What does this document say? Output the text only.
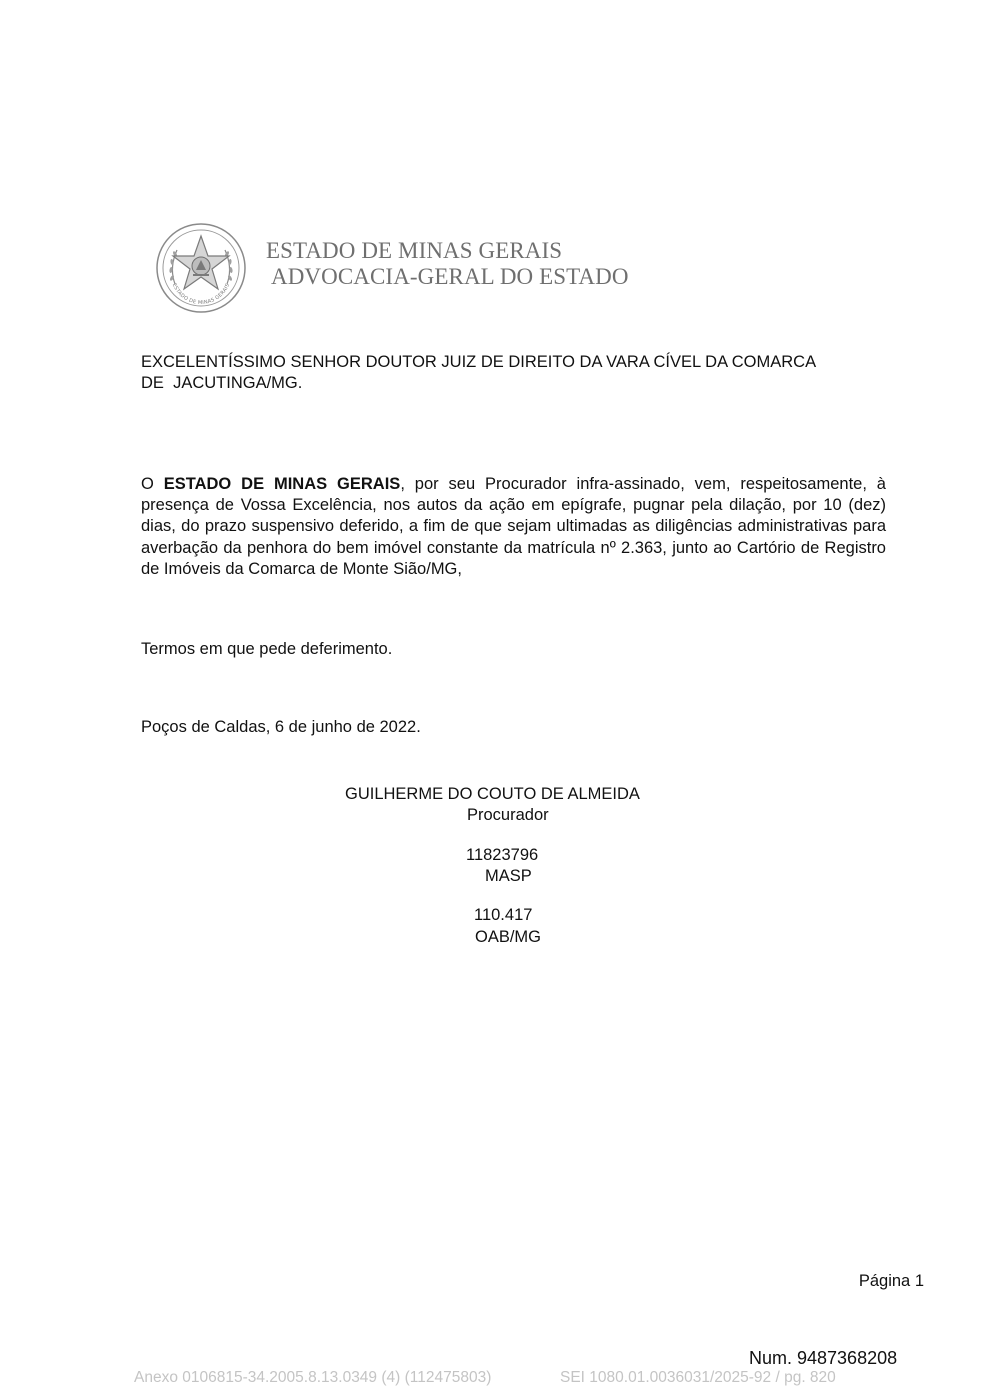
ESTADO DE MINAS GERAIS
ESTADO DE MINAS GERAIS
ADVOCACIA-GERAL DO ESTADO
EXCELENTÍSSIMO SENHOR DOUTOR JUIZ DE DIREITO DA VARA CÍVEL DA COMARCA
DE  JACUTINGA/MG.
O ESTADO DE MINAS GERAIS, por seu Procurador infra-assinado, vem, respeitosamente, à presença de Vossa Excelência, nos autos da ação em epígrafe, pugnar pela dilação, por 10 (dez) dias, do prazo suspensivo deferido, a fim de que sejam ultimadas as diligências administrativas para averbação da penhora do bem imóvel constante da matrícula nº 2.363, junto ao Cartório de Registro de Imóveis da Comarca de Monte Sião/MG,
Termos em que pede deferimento.
Poços de Caldas, 6 de junho de 2022.
GUILHERME DO COUTO DE ALMEIDA
Procurador
11823796
MASP
110.417
OAB/MG
Página 1
Num. 9487368208
Anexo 0106815-34.2005.8.13.0349 (4) (112475803)	SEI 1080.01.0036031/2025-92 / pg. 820
